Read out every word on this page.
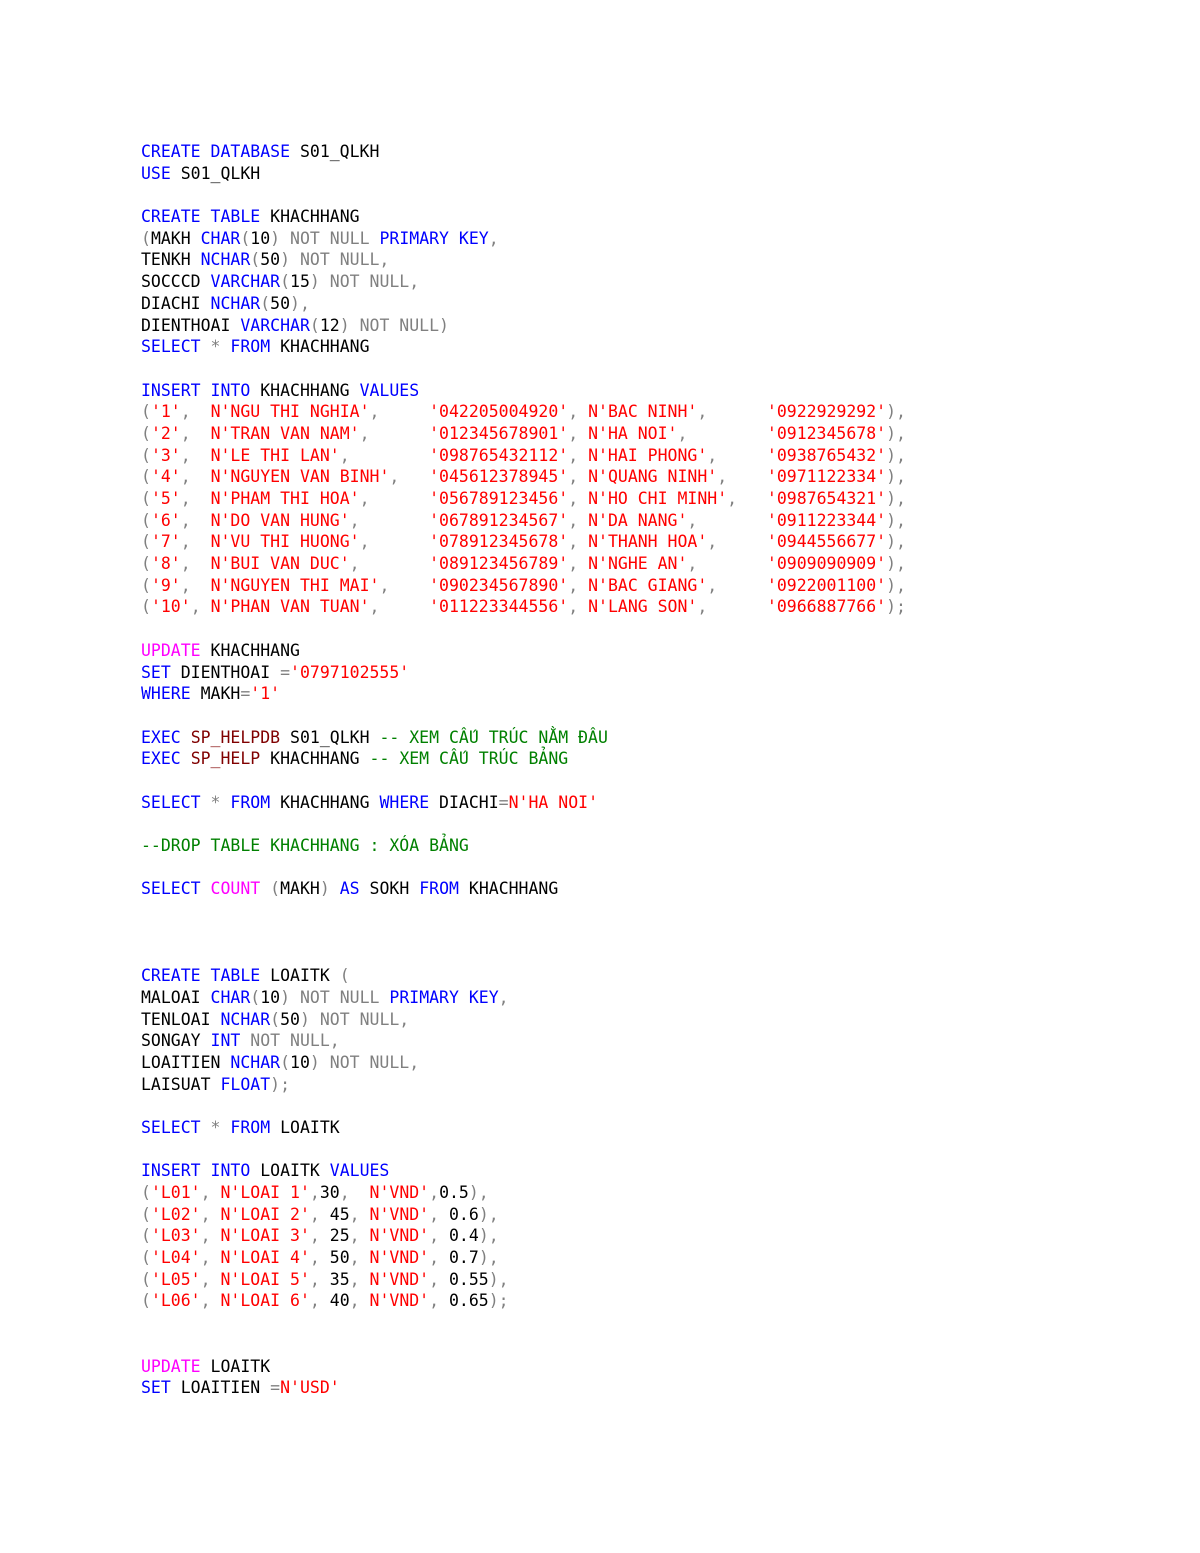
CREATE DATABASE S01_QLKH
USE S01_QLKH

CREATE TABLE KHACHHANG
(MAKH CHAR(10) NOT NULL PRIMARY KEY,
TENKH NCHAR(50) NOT NULL,
SOCCCD VARCHAR(15) NOT NULL,
DIACHI NCHAR(50),
DIENTHOAI VARCHAR(12) NOT NULL)
SELECT * FROM KHACHHANG

INSERT INTO KHACHHANG VALUES
('1',  N'NGU THI NGHIA',     '042205004920', N'BAC NINH',      '0922929292'),
('2',  N'TRAN VAN NAM',      '012345678901', N'HA NOI',        '0912345678'),
('3',  N'LE THI LAN',        '098765432112', N'HAI PHONG',     '0938765432'),
('4',  N'NGUYEN VAN BINH',   '045612378945', N'QUANG NINH',    '0971122334'),
('5',  N'PHAM THI HOA',      '056789123456', N'HO CHI MINH',   '0987654321'),
('6',  N'DO VAN HUNG',       '067891234567', N'DA NANG',       '0911223344'),
('7',  N'VU THI HUONG',      '078912345678', N'THANH HOA',     '0944556677'),
('8',  N'BUI VAN DUC',       '089123456789', N'NGHE AN',       '0909090909'),
('9',  N'NGUYEN THI MAI',    '090234567890', N'BAC GIANG',     '0922001100'),
('10', N'PHAN VAN TUAN',     '011223344556', N'LANG SON',      '0966887766');

UPDATE KHACHHANG
SET DIENTHOAI ='0797102555'
WHERE MAKH='1'

EXEC SP_HELPDB S01_QLKH -- XEM CẤU TRÚC NẰM ĐÂU
EXEC SP_HELP KHACHHANG -- XEM CẤU TRÚC BẢNG

SELECT * FROM KHACHHANG WHERE DIACHI=N'HA NOI'

--DROP TABLE KHACHHANG : XÓA BẢNG

SELECT COUNT (MAKH) AS SOKH FROM KHACHHANG

CREATE TABLE LOAITK (
MALOAI CHAR(10) NOT NULL PRIMARY KEY,
TENLOAI NCHAR(50) NOT NULL,
SONGAY INT NOT NULL,
LOAITIEN NCHAR(10) NOT NULL,
LAISUAT FLOAT);

SELECT * FROM LOAITK

INSERT INTO LOAITK VALUES
('L01', N'LOAI 1',30,  N'VND',0.5),
('L02', N'LOAI 2', 45, N'VND', 0.6),
('L03', N'LOAI 3', 25, N'VND', 0.4),
('L04', N'LOAI 4', 50, N'VND', 0.7),
('L05', N'LOAI 5', 35, N'VND', 0.55),
('L06', N'LOAI 6', 40, N'VND', 0.65);

UPDATE LOAITK
SET LOAITIEN =N'USD'
